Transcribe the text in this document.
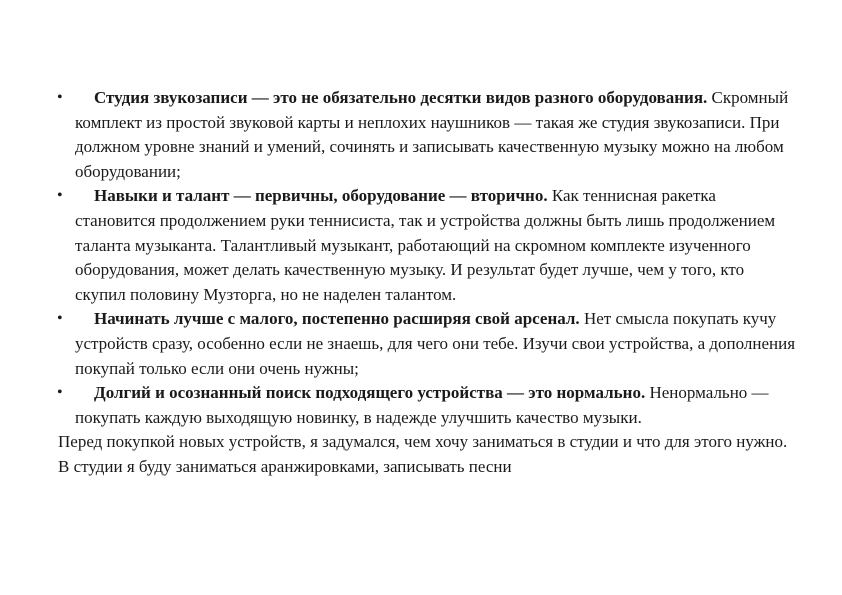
• Студия звукозаписи — это не обязательно десятки видов разного оборудования. Скромный комплект из простой звуковой карты и неплохих наушников — такая же студия звукозаписи. При должном уровне знаний и умений, сочинять и записывать качественную музыку можно на любом оборудовании;
• Навыки и талант — первичны, оборудование — вторично. Как теннисная ракетка становится продолжением руки теннисиста, так и устройства должны быть лишь продолжением таланта музыканта. Талантливый музыкант, работающий на скромном комплекте изученного оборудования, может делать качественную музыку. И результат будет лучше, чем у того, кто скупил половину Музторга, но не наделен талантом.
• Начинать лучше с малого, постепенно расширяя свой арсенал. Нет смысла покупать кучу устройств сразу, особенно если не знаешь, для чего они тебе. Изучи свои устройства, а дополнения покупай только если они очень нужны;
• Долгий и осознанный поиск подходящего устройства — это нормально. Ненормально — покупать каждую выходящую новинку, в надежде улучшить качество музыки.

Перед покупкой новых устройств, я задумался, чем хочу заниматься в студии и что для этого нужно. В студии я буду заниматься аранжировками, записывать песни
